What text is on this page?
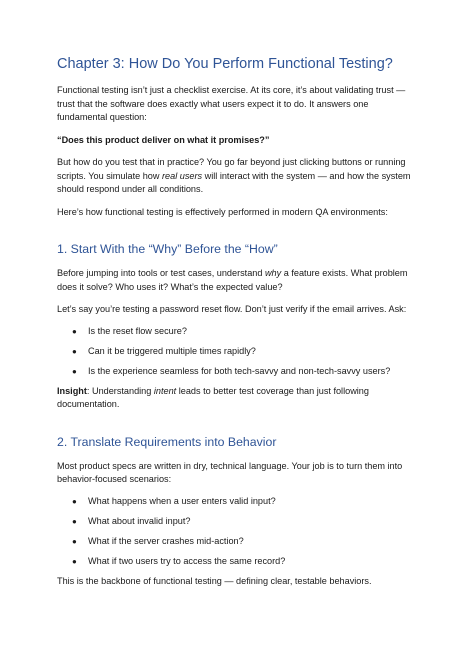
Chapter 3: How Do You Perform Functional Testing?

Functional testing isn’t just a checklist exercise. At its core, it’s about validating trust — trust that the software does exactly what users expect it to do. It answers one fundamental question:

“Does this product deliver on what it promises?”

But how do you test that in practice? You go far beyond just clicking buttons or running scripts. You simulate how real users will interact with the system — and how the system should respond under all conditions.

Here’s how functional testing is effectively performed in modern QA environments:

1. Start With the “Why” Before the “How”

Before jumping into tools or test cases, understand why a feature exists. What problem does it solve? Who uses it? What’s the expected value?

Let’s say you’re testing a password reset flow. Don’t just verify if the email arrives. Ask:

● Is the reset flow secure?
● Can it be triggered multiple times rapidly?
● Is the experience seamless for both tech-savvy and non-tech-savvy users?

Insight: Understanding intent leads to better test coverage than just following documentation.

2. Translate Requirements into Behavior

Most product specs are written in dry, technical language. Your job is to turn them into behavior-focused scenarios:

● What happens when a user enters valid input?
● What about invalid input?
● What if the server crashes mid-action?
● What if two users try to access the same record?

This is the backbone of functional testing — defining clear, testable behaviors.
